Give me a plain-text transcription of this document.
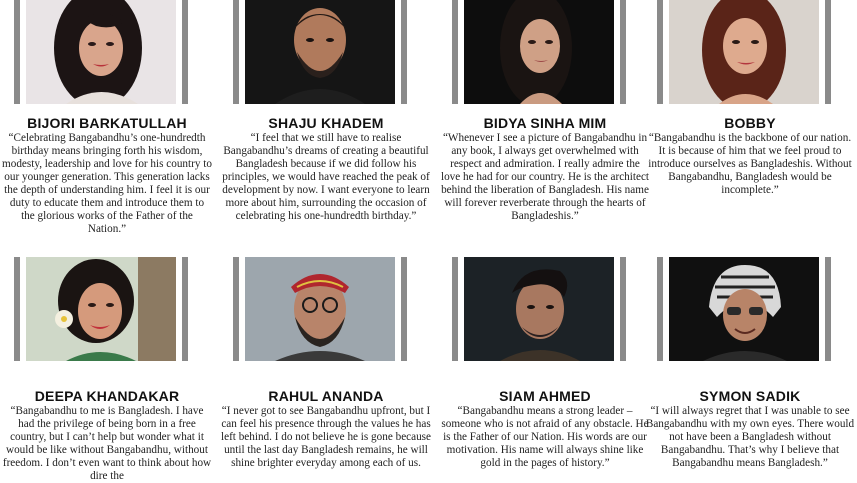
BIJORI BARKATULLAH
“Celebrating Bangabandhu’s one-hundredth birthday means bringing forth his wisdom, modesty, leadership and love for his country to our younger generation. This generation lacks the depth of understanding him. I feel it is our duty to educate them and introduce them to the glorious works of the Father of the Nation.”
SHAJU KHADEM
“I feel that we still have to realise Bangabandhu’s dreams of creating a beautiful Bangladesh because if we did follow his principles, we would have reached the peak of development by now. I want everyone to learn more about him, surrounding the occasion of celebrating his one-hundredth birthday.”
BIDYA SINHA MIM
“Whenever I see a picture of Bangabandhu in any book, I always get overwhelmed with respect and admiration. I really admire the love he had for our country. He is the architect behind the liberation of Bangladesh. His name will forever reverberate through the hearts of Bangladeshis.”
BOBBY
“Bangabandhu is the backbone of our nation. It is because of him that we feel proud to introduce ourselves as Bangladeshis. Without Bangabandhu, Bangladesh would be incomplete.”
DEEPA KHANDAKAR
“Bangabandhu to me is Bangladesh. I have had the privilege of being born in a free country, but I can’t help but wonder what it would be like without Bangabandhu, without freedom. I don’t even want to think about how dire the
RAHUL ANANDA
“I never got to see Bangabandhu upfront, but I can feel his presence through the values he has left behind. I do not believe he is gone because until the last day Bangladesh remains, he will shine brighter everyday among each of us.
SIAM AHMED
“Bangabandhu means a strong leader – someone who is not afraid of any obstacle. He is the Father of our Nation. His words are our motivation. His name will always shine like gold in the pages of history.”
SYMON SADIK
“I will always regret that I was unable to see Bangabandhu with my own eyes. There would not have been a Bangladesh without Bangabandhu. That’s why I believe that Bangabandhu means Bangladesh.”
